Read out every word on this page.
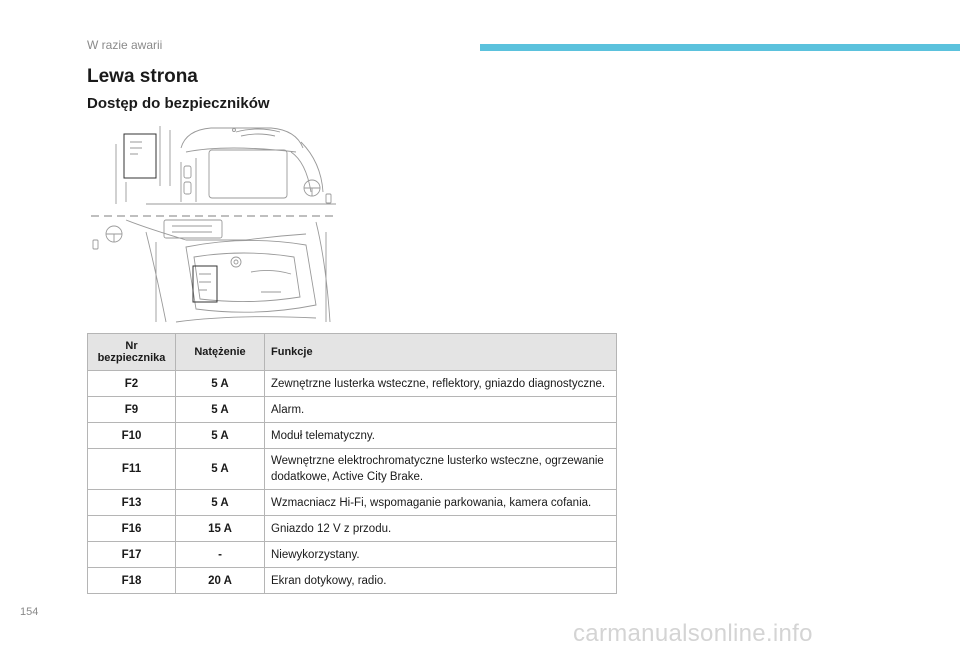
W razie awarii
Lewa strona
Dostęp do bezpieczników
Nr
bezpiecznika	Natężenie	Funkcje
F2	5 A	Zewnętrzne lusterka wsteczne, reflektory, gniazdo diagnostyczne.
F9	5 A	Alarm.
F10	5 A	Moduł telematyczny.
F11	5 A	Wewnętrzne elektrochromatyczne lusterko wsteczne, ogrzewanie dodatkowe, Active City Brake.
F13	5 A	Wzmacniacz Hi-Fi, wspomaganie parkowania, kamera cofania.
F16	15 A	Gniazdo 12 V z przodu.
F17	-	Niewykorzystany.
F18	20 A	Ekran dotykowy, radio.
154
carmanualsonline.info
